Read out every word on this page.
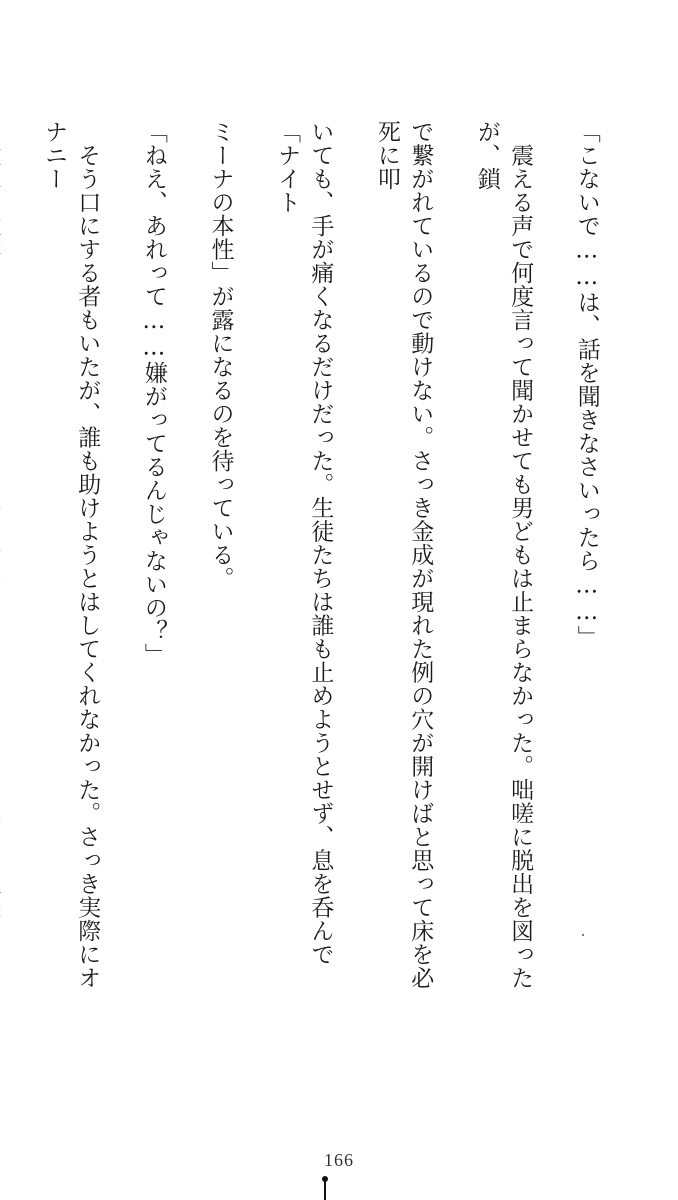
「こないで……は、話を聞きなさいったら……」

　震える声で何度言って聞かせても男どもは止まらなかった。咄嗟に脱出を図ったが、鎖

で繋がれているので動けない。さっき金成が現れた例の穴が開けばと思って床を必死に叩

いても、手が痛くなるだけだった。生徒たちは誰も止めようとせず、息を呑んで「ナイト

ミーナの本性」が露になるのを待っている。

「ねえ、あれって……嫌がってるんじゃないの？」

　そう口にする者もいたが、誰も助けようとはしてくれなかった。さっき実際にオナニー

166
